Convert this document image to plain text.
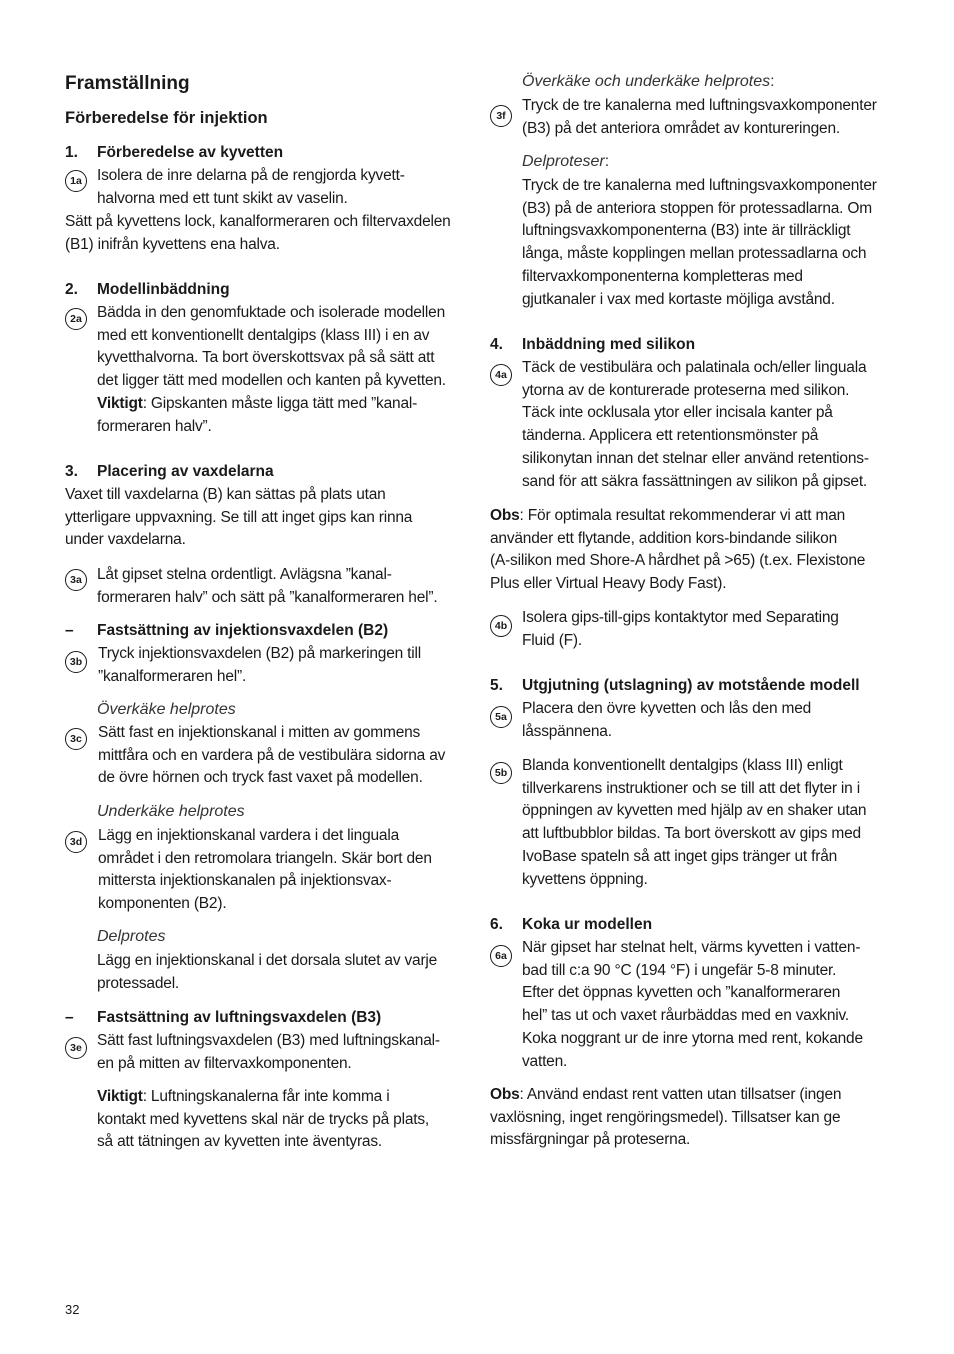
Framställning
Förberedelse för injektion
1. Förberedelse av kyvetten
1a Isolera de inre delarna på de rengjorda kyvett-
halvorna med ett tunt skikt av vaselin.
Sätt på kyvettens lock, kanalformeraren och filtervaxdelen
(B1) inifrån kyvettens ena halva.
2. Modellinbäddning
2a Bädda in den genomfuktade och isolerade modellen
med ett konventionellt dentalgips (klass III) i en av
kyvetthalvorna. Ta bort överskottsvax på så sätt att
det ligger tätt med modellen och kanten på kyvetten.
Viktigt: Gipskanten måste ligga tätt med ”kanal-
formeraren halv”.
3. Placering av vaxdelarna
Vaxet till vaxdelarna (B) kan sättas på plats utan
ytterligare uppvaxning. Se till att inget gips kan rinna
under vaxdelarna.
3a Låt gipset stelna ordentligt. Avlägsna ”kanal-
formeraren halv” och sätt på ”kanalformeraren hel”.
– Fastsättning av injektionsvaxdelen (B2)
3b	Tryck injektionsvaxdelen (B2) på markeringen till
”kanalformeraren hel”.
Överkäke helprotes
3c	Sätt fast en injektionskanal i mitten av gommens
mittfåra och en vardera på de vestibulära sidorna av
de övre hörnen och tryck fast vaxet på modellen.
Underkäke helprotes
3d	Lägg en injektionskanal vardera i det linguala
området i den retromolara triangeln. Skär bort den
mittersta injektionskanalen på injektionsvax-
komponenten (B2).
Delprotes
Lägg en injektionskanal i det dorsala slutet av varje
protessadel.
– Fastsättning av luftningsvaxdelen (B3)
3e Sätt fast luftningsvaxdelen (B3) med luftningskanal-
en på mitten av filtervaxkomponenten.
Viktigt: Luftningskanalerna får inte komma i
kontakt med kyvettens skal när de trycks på plats,
så att tätningen av kyvetten inte äventyras.
Överkäke och underkäke helprotes:
3f
Tryck de tre kanalerna med luftningsvaxkomponenter
(B3) på det anteriora området av kontureringen.
Delproteser:
Tryck de tre kanalerna med luftningsvaxkomponenter
(B3) på de anteriora stoppen för protessadlarna. Om
luftningsvaxkomponenterna (B3) inte är tillräckligt
långa, måste kopplingen mellan protessadlarna och
filtervaxkomponenterna kompletteras med
gjutkanaler i vax med kortaste möjliga avstånd.
4. Inbäddning med silikon
4a Täck de vestibulära och palatinala och/eller linguala
ytorna av de konturerade proteserna med silikon.
Täck inte ocklusala ytor eller incisala kanter på
tänderna. Applicera ett retentionsmönster på
silikonytan innan det stelnar eller använd retentions-
sand för att säkra fassättningen av silikon på gipset.
Obs: För optimala resultat rekommenderar vi att man
använder ett flytande, addition kors-bindande silikon
(A-silikon med Shore-A hårdhet på >65) (t.ex. Flexistone
Plus eller Virtual Heavy Body Fast).
4b Isolera gips-till-gips kontaktytor med Separating
Fluid (F).
5. Utgjutning (utslagning) av motstående modell
5a Placera den övre kyvetten och lås den med
låsspännena.
5b Blanda konventionellt dentalgips (klass III) enligt
tillverkarens instruktioner och se till att det flyter in i
öppningen av kyvetten med hjälp av en shaker utan
att luftbubblor bildas. Ta bort överskott av gips med
IvoBase spateln så att inget gips tränger ut från
kyvettens öppning.
6. Koka ur modellen
6a När gipset har stelnat helt, värms kyvetten i vatten-
bad till c:a 90 °C (194 °F) i ungefär 5-8 minuter.
Efter det öppnas kyvetten och ”kanalformeraren
hel” tas ut och vaxet råurbäddas med en vaxkniv.
Koka noggrant ur de inre ytorna med rent, kokande
vatten.
Obs: Använd endast rent vatten utan tillsatser (ingen
vaxlösning, inget rengöringsmedel). Tillsatser kan ge
missfärgningar på proteserna.
32
